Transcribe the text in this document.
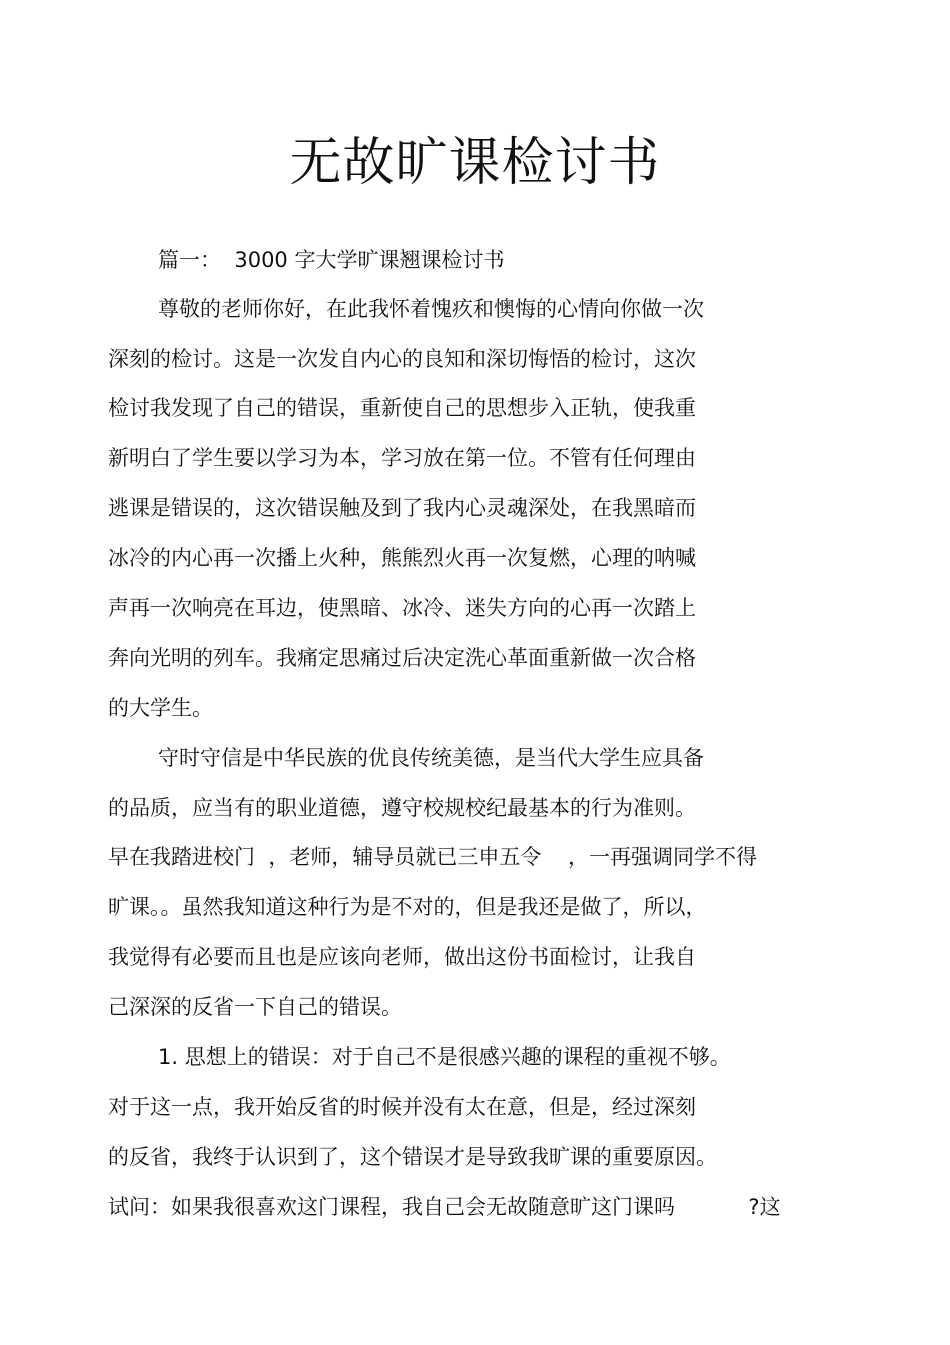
无故旷课检讨书

篇一：  3000 字大学旷课翘课检讨书

尊敬的老师你好，在此我怀着愧疚和懊悔的心情向你做一次

深刻的检讨。这是一次发自内心的良知和深切悔悟的检讨，这次

检讨我发现了自己的错误，重新使自己的思想步入正轨，使我重

新明白了学生要以学习为本，学习放在第一位。不管有任何理由

逃课是错误的，这次错误触及到了我内心灵魂深处，在我黑暗而

冰冷的内心再一次播上火种，熊熊烈火再一次复燃，心理的呐喊

声再一次响亮在耳边，使黑暗、冰冷、迷失方向的心再一次踏上

奔向光明的列车。我痛定思痛过后决定洗心革面重新做一次合格

的大学生。

守时守信是中华民族的优良传统美德，是当代大学生应具备

的品质，应当有的职业道德，遵守校规校纪最基本的行为准则。

早在我踏进校门  ，老师，辅导员就已三申五令    ，一再强调同学不得

旷课。。虽然我知道这种行为是不对的，但是我还是做了，所以，

我觉得有必要而且也是应该向老师，做出这份书面检讨，让我自

己深深的反省一下自己的错误。

1. 思想上的错误：对于自己不是很感兴趣的课程的重视不够。

对于这一点，我开始反省的时候并没有太在意，但是，经过深刻

的反省，我终于认识到了，这个错误才是导致我旷课的重要原因。

试问：如果我很喜欢这门课程，我自己会无故随意旷这门课吗           ?这
